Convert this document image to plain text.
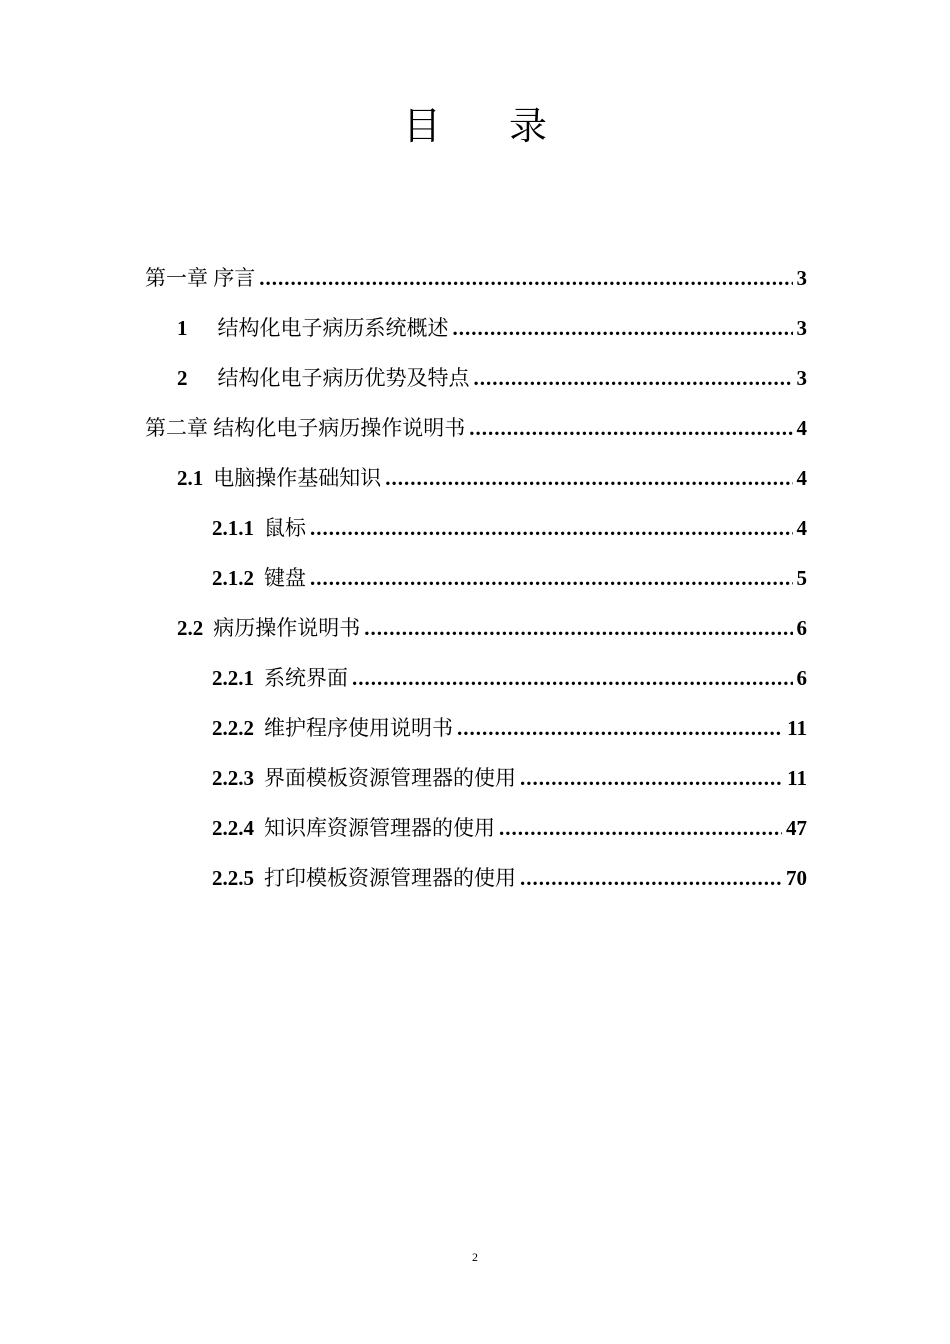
目 录
第一章 序言 .....	3
1 结构化电子病历系统概述 .....	3
2 结构化电子病历优势及特点 .....	3
第二章 结构化电子病历操作说明书 .....	4
2.1 电脑操作基础知识 .....	4
2.1.1 鼠标 .....	4
2.1.2 键盘 .....	5
2.2 病历操作说明书 .....	6
2.2.1 系统界面 .....	6
2.2.2 维护程序使用说明书 .....	11
2.2.3 界面模板资源管理器的使用 .....	11
2.2.4 知识库资源管理器的使用 .....	47
2.2.5 打印模板资源管理器的使用 .....	70
2
